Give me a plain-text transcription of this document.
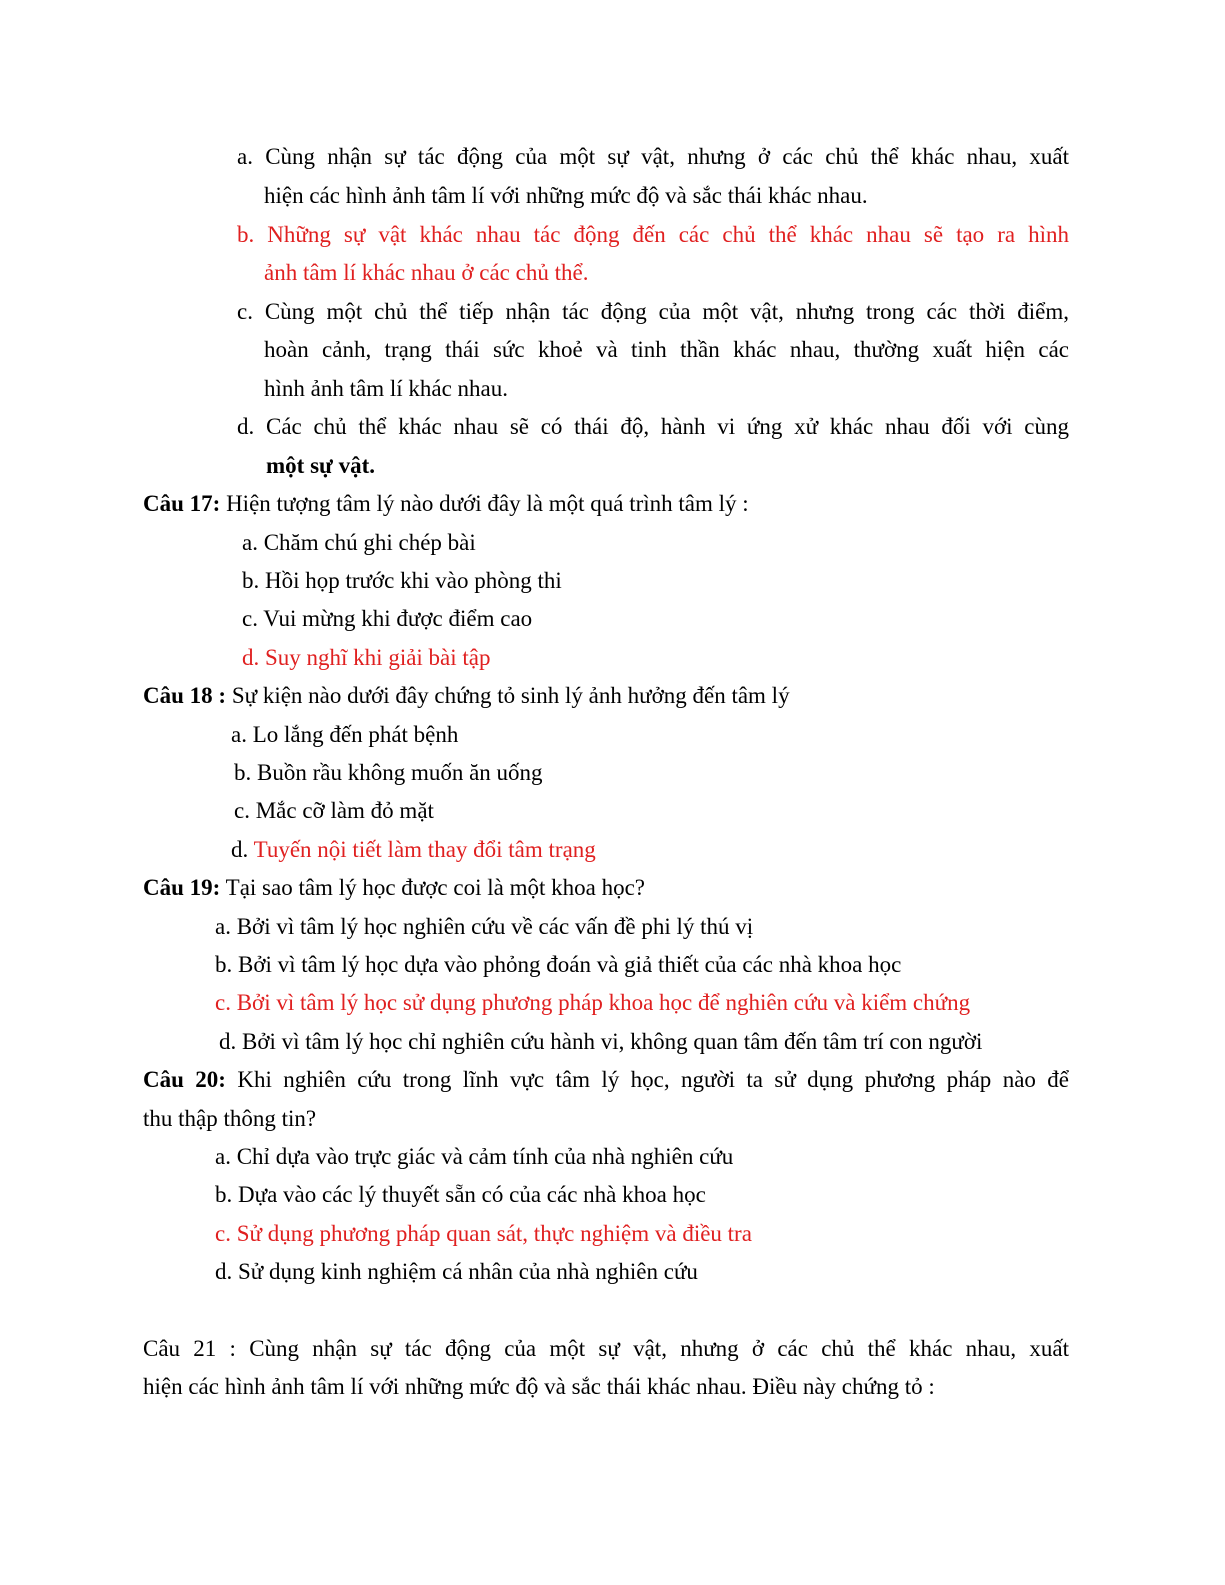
a. Cùng nhận sự tác động của một sự vật, nhưng ở các chủ thể khác nhau, xuất
hiện các hình ảnh tâm lí với những mức độ và sắc thái khác nhau.
b. Những sự vật khác nhau tác động đến các chủ thể khác nhau sẽ tạo ra hình
ảnh tâm lí khác nhau ở các chủ thể.
c. Cùng một chủ thể tiếp nhận tác động của một vật, nhưng trong các thời điểm,
hoàn cảnh, trạng thái sức khoẻ và tinh thần khác nhau, thường xuất hiện các
hình ảnh tâm lí khác nhau.
d. Các chủ thể khác nhau sẽ có thái độ, hành vi ứng xử khác nhau đối với cùng
một sự vật.
Câu 17: Hiện tượng tâm lý nào dưới đây là một quá trình tâm lý :
a. Chăm chú ghi chép bài
b. Hồi họp trước khi vào phòng thi
c. Vui mừng khi được điểm cao
d. Suy nghĩ khi giải bài tập
Câu 18 : Sự kiện nào dưới đây chứng tỏ sinh lý ảnh hưởng đến tâm lý
a. Lo lắng đến phát bệnh
b. Buồn rầu không muốn ăn uống
c. Mắc cỡ làm đỏ mặt
d. Tuyến nội tiết làm thay đổi tâm trạng
Câu 19: Tại sao tâm lý học được coi là một khoa học?
a. Bởi vì tâm lý học nghiên cứu về các vấn đề phi lý thú vị
b. Bởi vì tâm lý học dựa vào phỏng đoán và giả thiết của các nhà khoa học
c. Bởi vì tâm lý học sử dụng phương pháp khoa học để nghiên cứu và kiểm chứng
d. Bởi vì tâm lý học chỉ nghiên cứu hành vi, không quan tâm đến tâm trí con người
Câu 20: Khi nghiên cứu trong lĩnh vực tâm lý học, người ta sử dụng phương pháp nào để
thu thập thông tin?
a. Chỉ dựa vào trực giác và cảm tính của nhà nghiên cứu
b. Dựa vào các lý thuyết sẵn có của các nhà khoa học
c. Sử dụng phương pháp quan sát, thực nghiệm và điều tra
d. Sử dụng kinh nghiệm cá nhân của nhà nghiên cứu
Câu 21 : Cùng nhận sự tác động của một sự vật, nhưng ở các chủ thể khác nhau, xuất
hiện các hình ảnh tâm lí với những mức độ và sắc thái khác nhau. Điều này chứng tỏ :
